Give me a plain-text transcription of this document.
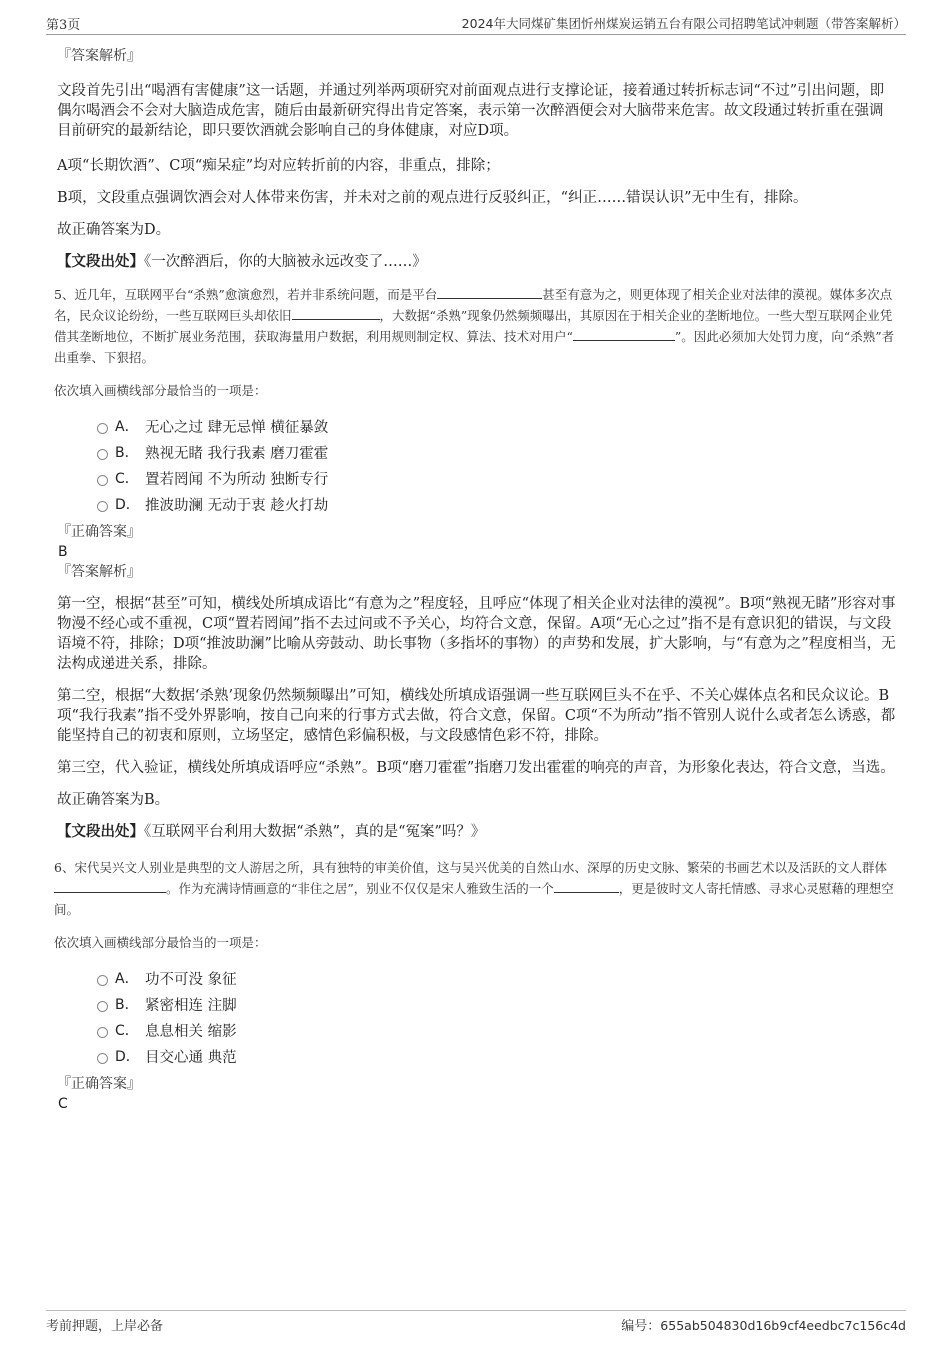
第3页	2024年大同煤矿集团忻州煤炭运销五台有限公司招聘笔试冲刺题（带答案解析）
『答案解析』

文段首先引出“喝酒有害健康”这一话题，并通过列举两项研究对前面观点进行支撑论证，接着通过转折标志词“不过”引出问题，即偶尔喝酒会不会对大脑造成危害，随后由最新研究得出肯定答案，表示第一次醉酒便会对大脑带来危害。故文段通过转折重在强调目前研究的最新结论，即只要饮酒就会影响自己的身体健康，对应D项。

A项“长期饮酒”、C项“痴呆症”均对应转折前的内容，非重点，排除；

B项，文段重点强调饮酒会对人体带来伤害，并未对之前的观点进行反驳纠正，“纠正……错误认识”无中生有，排除。

故正确答案为D。

【文段出处】《一次醉酒后，你的大脑被永远改变了……》
5、近几年，互联网平台“杀熟”愈演愈烈，若并非系统问题，而是平台	甚至有意为之，则更体现了相关企业对法律的漠视。媒体多次点名，民众议论纷纷，一些互联网巨头却依旧	，大数据“杀熟”现象仍然频频曝出，其原因在于相关企业的垄断地位。一些大型互联网企业凭借其垄断地位，不断扩展业务范围，获取海量用户数据，利用规则制定权、算法、技术对用户“	”。因此必须加大处罚力度，向“杀熟”者出重拳、下狠招。
依次填入画横线部分最恰当的一项是：
A． 无心之过 肆无忌惮 横征暴敛
B． 熟视无睹 我行我素 磨刀霍霍
C． 置若罔闻 不为所动 独断专行
D． 推波助澜 无动于衷 趁火打劫
『正确答案』
B
『答案解析』

第一空，根据“甚至”可知，横线处所填成语比“有意为之”程度轻，且呼应“体现了相关企业对法律的漠视”。B项“熟视无睹”形容对事物漫不经心或不重视，C项“置若罔闻”指不去过问或不予关心，均符合文意，保留。A项“无心之过”指不是有意识犯的错误，与文段语境不符，排除；D项“推波助澜”比喻从旁鼓动、助长事物（多指坏的事物）的声势和发展，扩大影响，与“有意为之”程度相当，无法构成递进关系，排除。

第二空，根据“大数据‘杀熟’现象仍然频频曝出”可知，横线处所填成语强调一些互联网巨头不在乎、不关心媒体点名和民众议论。B项“我行我素”指不受外界影响，按自己向来的行事方式去做，符合文意，保留。C项“不为所动”指不管别人说什么或者怎么诱惑，都能坚持自己的初衷和原则，立场坚定，感情色彩偏积极，与文段感情色彩不符，排除。

第三空，代入验证，横线处所填成语呼应“杀熟”。B项“磨刀霍霍”指磨刀发出霍霍的响亮的声音，为形象化表达，符合文意，当选。

故正确答案为B。

【文段出处】《互联网平台利用大数据“杀熟”，真的是“冤案”吗？》
6、宋代吴兴文人别业是典型的文人游居之所，具有独特的审美价值，这与吴兴优美的自然山水、深厚的历史文脉、繁荣的书画艺术以及活跃的文人群体。作为充满诗情画意的“非住之居”，别业不仅仅是宋人雅致生活的一个	，更是彼时文人寄托情感、寻求心灵慰藉的理想空间。
依次填入画横线部分最恰当的一项是：
A． 功不可没 象征
B． 紧密相连 注脚
C． 息息相关 缩影
D． 目交心通 典范
『正确答案』
C
考前押题，上岸必备	编号：655ab504830d16b9cf4eedbc7c156c4d
